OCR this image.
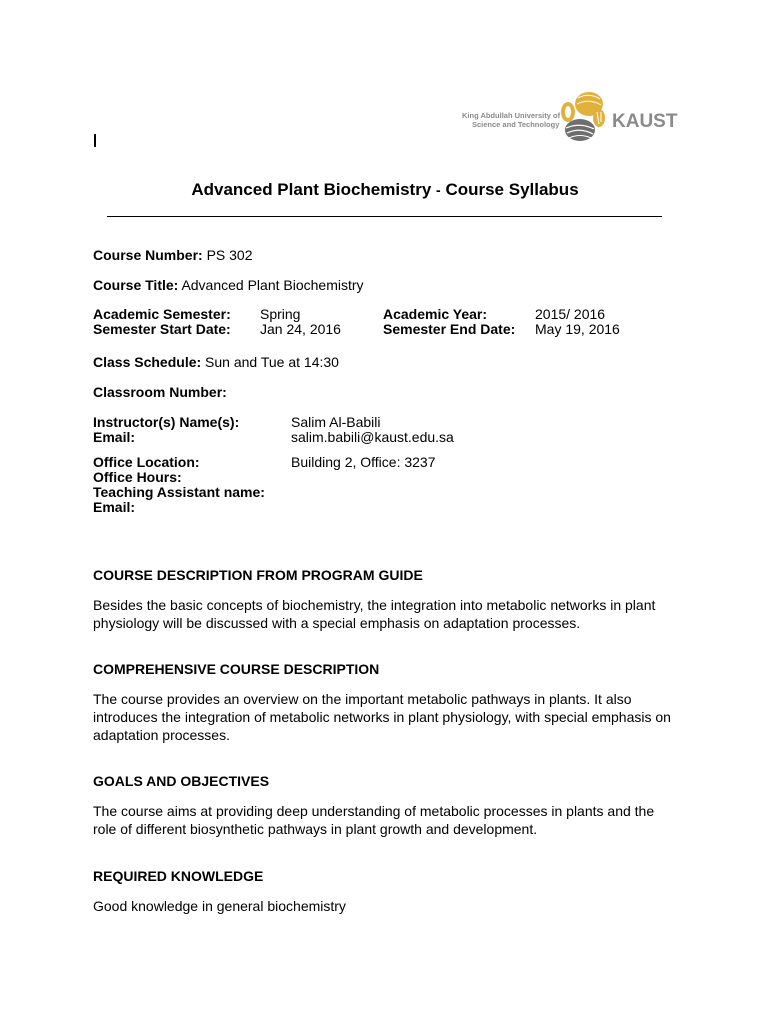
King Abdullah University of
Science and Technology	KAUST
Advanced Plant Biochemistry - Course Syllabus
Course Number: PS 302
Course Title: Advanced Plant Biochemistry
Academic Semester: Spring	Academic Year:	2015/ 2016
Semester Start Date: Jan 24, 2016	Semester End Date: May 19, 2016
Class Schedule: Sun and Tue at 14:30
Classroom Number:
Instructor(s) Name(s):	Salim Al-Babili
Email:	salim.babili@kaust.edu.sa
Office Location:	Building 2, Office: 3237
Office Hours:
Teaching Assistant name:
Email:
COURSE DESCRIPTION FROM PROGRAM GUIDE
Besides the basic concepts of biochemistry, the integration into metabolic networks in plant physiology will be discussed with a special emphasis on adaptation processes.
COMPREHENSIVE COURSE DESCRIPTION
The course provides an overview on the important metabolic pathways in plants. It also introduces the integration of metabolic networks in plant physiology, with special emphasis on adaptation processes.
GOALS AND OBJECTIVES
The course aims at providing deep understanding of metabolic processes in plants and the role of different biosynthetic pathways in plant growth and development.
REQUIRED KNOWLEDGE
Good knowledge in general biochemistry
